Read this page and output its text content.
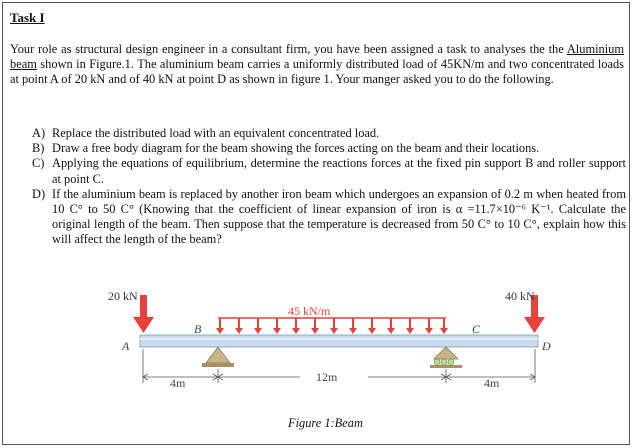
Task I
Your role as structural design engineer in a consultant firm, you have been assigned a task to analyses the the Aluminium beam shown in Figure.1. The aluminium beam carries a uniformly distributed load of 45KN/m and two concentrated loads at point A of 20 kN and of 40 kN at point D as shown in figure 1. Your manger asked you to do the following.
A) Replace the distributed load with an equivalent concentrated load.
B) Draw a free body diagram for the beam showing the forces acting on the beam and their locations.
C) Applying the equations of equilibrium, determine the reactions forces at the fixed pin support B and roller support at point C.
D) If the aluminium beam is replaced by another iron beam which undergoes an expansion of 0.2 m when heated from 10 C° to 50 C° (Knowing that the coefficient of linear expansion of iron is α =11.7×10⁻⁶ K⁻¹. Calculate the original length of the beam. Then suppose that the temperature is decreased from 50 C° to 10 C°, explain how this will affect the length of the beam?
20 kN	40 kN
45 kN/m
A
B	C
D
4m	12m	4m
Figure 1:Beam
